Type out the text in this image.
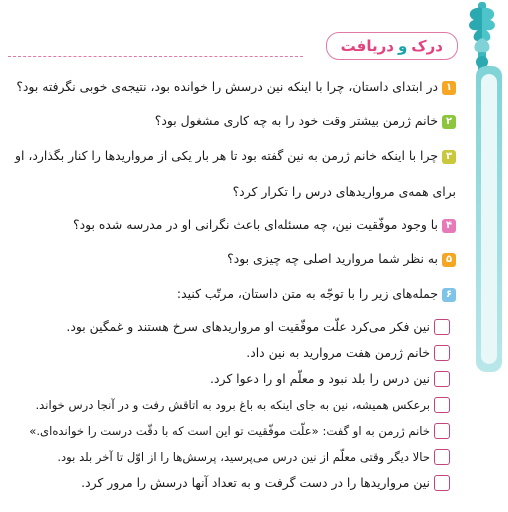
درک
و
دریافت
۱در ابتدای داستان، چرا با اینکه نین درسش را خوانده بود، نتیجه‌ی خوبی نگرفته بود؟
۲خانم ژرمن بیشتر وقت خود را به چه کاری مشغول بود؟
۳چرا با اینکه خانم ژرمن به نین گفته بود تا هر بار یکی از مرواریدها را کنار بگذارد، او
برای همه‌ی مرواریدهای درس را تکرار کرد؟
۴با وجود موفّقیت نین، چه مسئله‌ای باعث نگرانی او در مدرسه شده بود؟
۵به نظر شما مروارید اصلی چه چیزی بود؟
۶جمله‌های زیر را با توجّه به متن داستان، مرتّب کنید:
نین فکر می‌کرد علّت موفّقیت او مرواریدهای سرخ هستند و غمگین بود.
خانم ژرمن هفت مروارید به نین داد.
نین درس را بلد نبود و معلّم او را دعوا کرد.
برعکس همیشه، نین به جای اینکه به باغ برود به اتاقش رفت و در آنجا درس خواند.
خانم ژرمن به او گفت: «علّت موفّقیت تو این است که با دقّت درست را خوانده‌ای.»
حالا دیگر وقتی معلّم از نین درس می‌پرسید، پرسش‌ها را از اوّل تا آخر بلد بود.
نین مرواریدها را در دست گرفت و به تعداد آنها درسش را مرور کرد.
